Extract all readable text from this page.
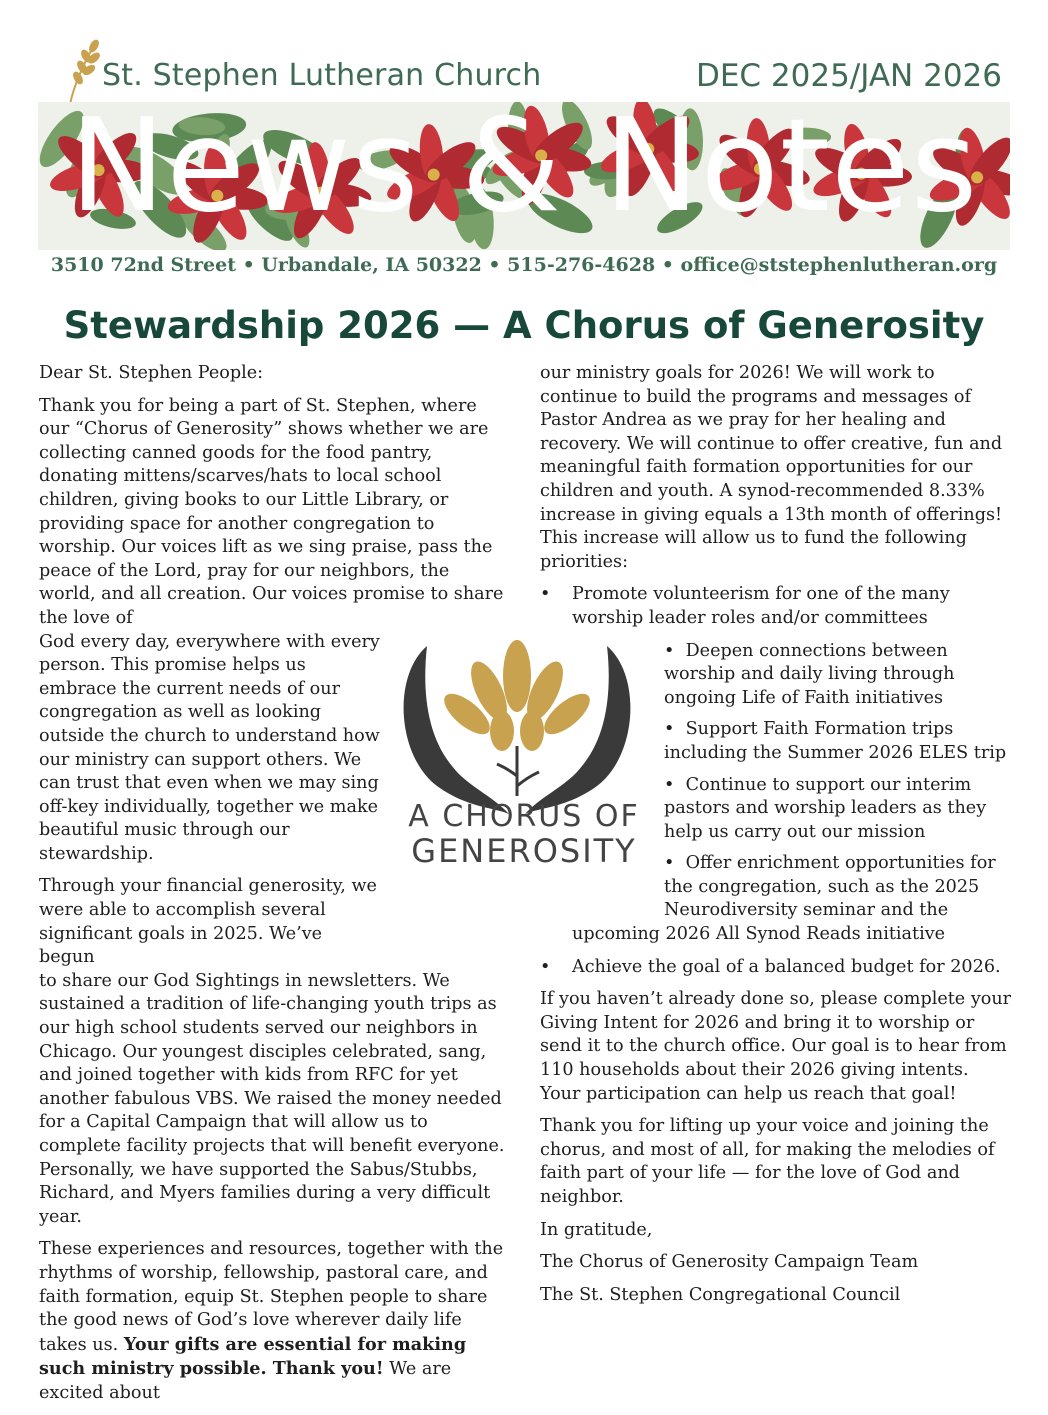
St. Stephen Lutheran Church	DEC 2025/JAN 2026
News & Notes
3510 72nd Street • Urbandale, IA 50322 • 515-276-4628 • office@ststephenlutheran.org
Stewardship 2026 — A Chorus of Generosity

Dear St. Stephen People:

Thank you for being a part of St. Stephen, where our “Chorus of Generosity” shows whether we are collecting canned goods for the food pantry, donating mittens/scarves/hats to local school children, giving books to our Little Library, or providing space for another congregation to worship. Our voices lift as we sing praise, pass the peace of the Lord, pray for our neighbors, the world, and all creation. Our voices promise to share the love of

God every day, everywhere with every person. This promise helps us embrace the current needs of our congregation as well as looking outside the church to understand how our ministry can support others. We can trust that even when we may sing off-key individually, together we make beautiful music through our stewardship.

Through your financial generosity, we were able to accomplish several significant goals in 2025. We’ve begun

to share our God Sightings in newsletters. We sustained a tradition of life-changing youth trips as our high school students served our neighbors in Chicago. Our youngest disciples celebrated, sang, and joined together with kids from RFC for yet another fabulous VBS. We raised the money needed for a Capital Campaign that will allow us to complete facility projects that will benefit everyone. Personally, we have supported the Sabus/Stubbs, Richard, and Myers families during a very difficult year.

These experiences and resources, together with the rhythms of worship, fellowship, pastoral care, and faith formation, equip St. Stephen people to share the good news of God’s love wherever daily life takes us. Your gifts are essential for making such ministry possible. Thank you! We are excited about

A CHORUS OF
GENEROSITY

our ministry goals for 2026! We will work to continue to build the programs and messages of Pastor Andrea as we pray for her healing and recovery. We will continue to offer creative, fun and meaningful faith formation opportunities for our children and youth. A synod-recommended 8.33% increase in giving equals a 13th month of offerings! This increase will allow us to fund the following priorities:

• Promote volunteerism for one of the many worship leader roles and/or committees
• Deepen connections between worship and daily living through ongoing Life of Faith initiatives
• Support Faith Formation trips including the Summer 2026 ELES trip
• Continue to support our interim pastors and worship leaders as they help us carry out our mission
• Offer enrichment opportunities for the congregation, such as the 2025 Neurodiversity seminar and the
upcoming 2026 All Synod Reads initiative
• Achieve the goal of a balanced budget for 2026.

If you haven’t already done so, please complete your Giving Intent for 2026 and bring it to worship or send it to the church office. Our goal is to hear from 110 households about their 2026 giving intents. Your participation can help us reach that goal!

Thank you for lifting up your voice and joining the chorus, and most of all, for making the melodies of faith part of your life — for the love of God and neighbor.

In gratitude,

The Chorus of Generosity Campaign Team

The St. Stephen Congregational Council
